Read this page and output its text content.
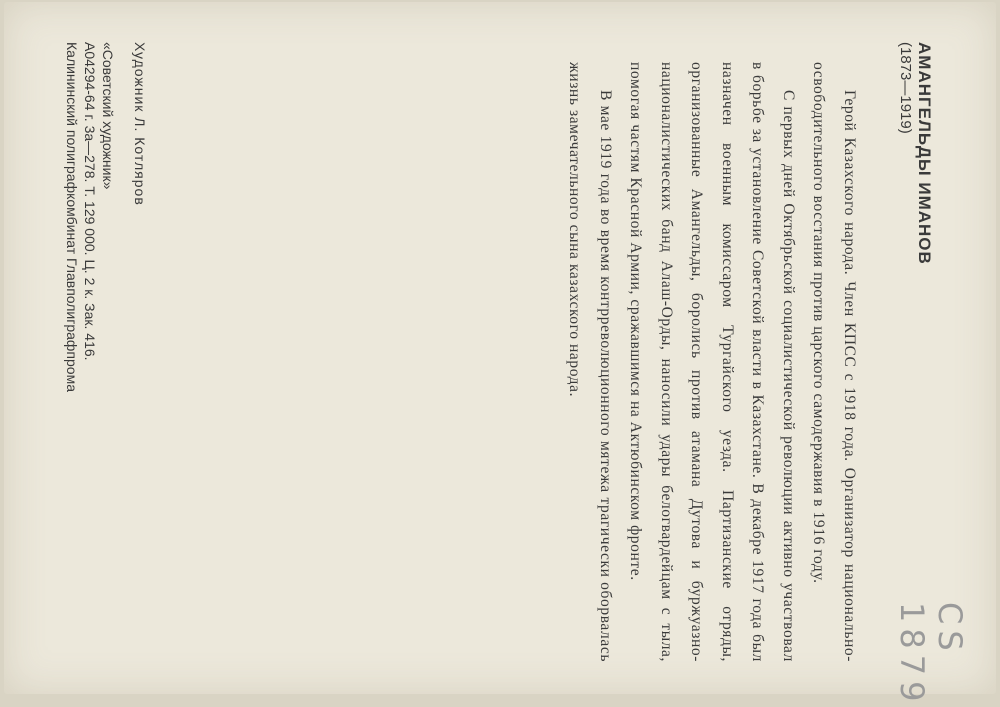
CS 1879
АМАНГЕЛЬДЫ ИМАНОВ
(1873—1919)

Герой Казахского народа. Член КПСС с 1918 года. Организатор национально-освободительного восстания против царского самодержавия в 1916 году.

С первых дней Октябрьской социалистической революции активно участвовал в борьбе за установление Советской власти в Казахстане. В декабре 1917 года был назначен военным комиссаром Тургайского уезда. Партизанские отряды, организованные Амангельды, боролись против атамана Дутова и буржуазно-националистических банд Алаш-Орды, наносили удары белогвардейцам с тыла, помогая частям Красной Армии, сражавшимся на Актюбинском фронте.

В мае 1919 года во время контрреволюционного мятежа трагически оборвалась жизнь замечательного сына казахского народа.

Художник Л. Котляров
«Советский художник»
А04294-64 г. 3а—278. Т. 129 000. Ц. 2 к. Зак. 416.
Калининский полиграфкомбинат Главполиграфпрома
